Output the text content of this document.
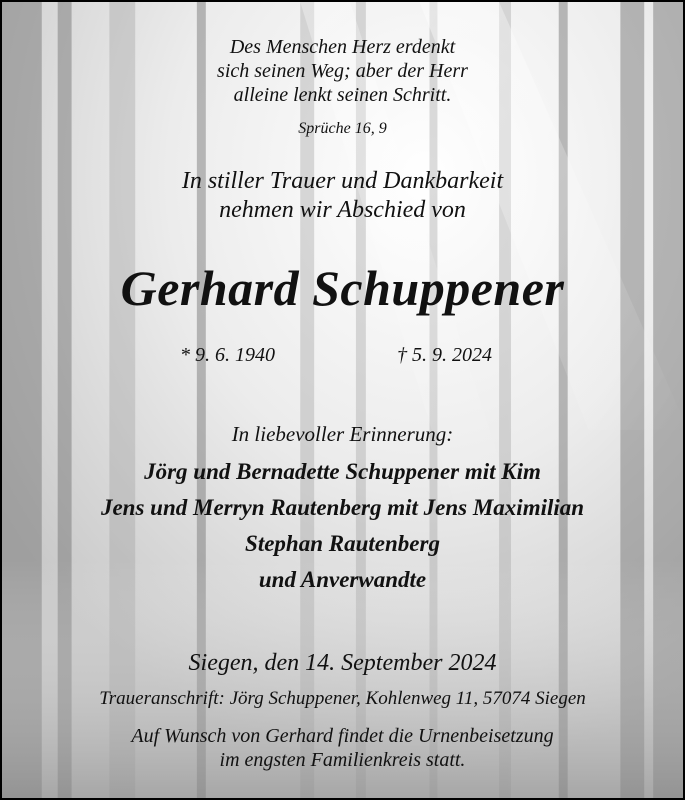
Des Menschen Herz erdenkt
sich seinen Weg; aber der Herr
alleine lenkt seinen Schritt.
Sprüche 16, 9
In stiller Trauer und Dankbarkeit
nehmen wir Abschied von
Gerhard Schuppener
* 9. 6. 1940	† 5. 9. 2024
In liebevoller Erinnerung:
Jörg und Bernadette Schuppener mit Kim
Jens und Merryn Rautenberg mit Jens Maximilian
Stephan Rautenberg
und Anverwandte
Siegen, den 14. September 2024
Traueranschrift: Jörg Schuppener, Kohlenweg 11, 57074 Siegen
Auf Wunsch von Gerhard findet die Urnenbeisetzung
im engsten Familienkreis statt.
